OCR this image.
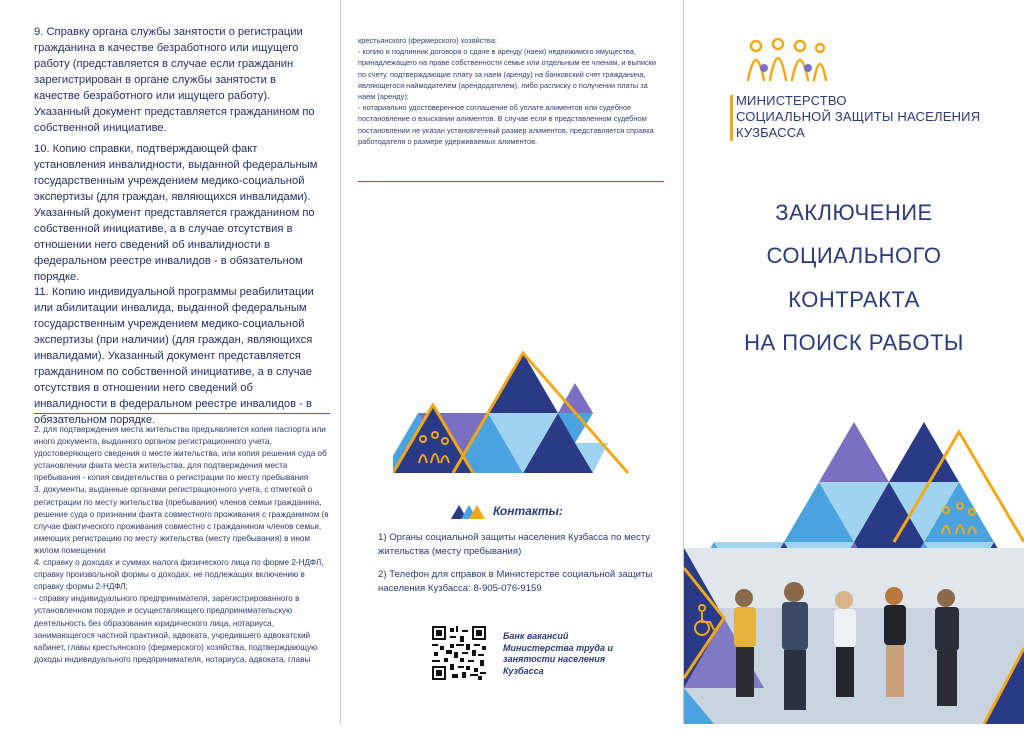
9. Справку органа службы занятости о регистрации гражданина в качестве безработного или ищущего работу (представляется в случае если гражданин зарегистрирован в органе службы занятости в качестве безработного или ищущего работу). Указанный документ представляется гражданином по собственной инициативе.
10. Копию справки, подтверждающей факт установления инвалидности, выданной федеральным государственным учреждением медико-социальной экспертизы (для граждан, являющихся инвалидами). Указанный документ представляется гражданином по собственной инициативе, а в случае отсутствия в отношении него сведений об инвалидности в федеральном реестре инвалидов - в обязательном порядке.
11. Копию индивидуальной программы реабилитации или абилитации инвалида, выданной федеральным государственным учреждением медико-социальной экспертизы (при наличии) (для граждан, являющихся инвалидами). Указанный документ представляется гражданином по собственной инициативе, а в случае отсутствия в отношении него сведений об инвалидности в федеральном реестре инвалидов - в обязательном порядке.
2. для подтверждения места жительства предъявляется копия паспорта или иного документа, выданного органом регистрационного учета, удостоверяющего сведения о месте жительства, или копия решения суда об установлении факта места жительства, для подтверждения места пребывания - копия свидетельства о регистрации по месту пребывания
3. документы, выданные органами регистрационного учета, с отметкой о регистрации по месту жительства (пребывания) членов семьи гражданина, решение суда о признании факта совместного проживания с гражданином (в случае фактического проживания совместно с гражданином членов семьи, имеющих регистрацию по месту жительства (месту пребывания) в ином жилом помещении
4. справку о доходах и суммах налога физического лица по форме 2-НДФЛ, справку произвольной формы о доходах, не подлежащих включению в справку формы 2-НДФЛ;
- справку индивидуального предпринимателя, зарегистрированного в установленном порядке и осуществляющего предпринимательскую деятельность без образования юридического лица, нотариуса, занимающегося частной практикой, адвоката, учредившего адвокатский кабинет, главы крестьянского (фермерского) хозяйства, подтверждающую доходы индивидуального предпринимателя, нотариуса, адвоката, главы
крестьянского (фермерского) хозяйства;
- копию и подлинник договора о сдаче в аренду (наем) недвижимого имущества, принадлежащего на праве собственности семье или отдельным ее членам, и выписки по счету, подтверждающие плату за наем (аренду) на банковский счет гражданина, являющегося наймодателем (арендодателем), либо расписку о получении платы за наем (аренду);
- нотариально удостоверенное соглашение об уплате алиментов или судебное постановление о взыскании алиментов. В случае если в представленном судебном постановлении не указан установленный размер алиментов, представляется справка работодателя о размере удерживаемых алиментов.
Контакты:
1) Органы социальной защиты населения Кузбасса по месту жительства (месту пребывания)
2) Телефон для справок в Министерстве социальной защиты населения Кузбасса: 8-905-076-9159
Банк вакансий Министерства труда и занятости населения Кузбасса
МИНИСТЕРСТВО
СОЦИАЛЬНОЙ ЗАЩИТЫ НАСЕЛЕНИЯ
КУЗБАССА
ЗАКЛЮЧЕНИЕ
СОЦИАЛЬНОГО
КОНТРАКТА
НА ПОИСК РАБОТЫ
